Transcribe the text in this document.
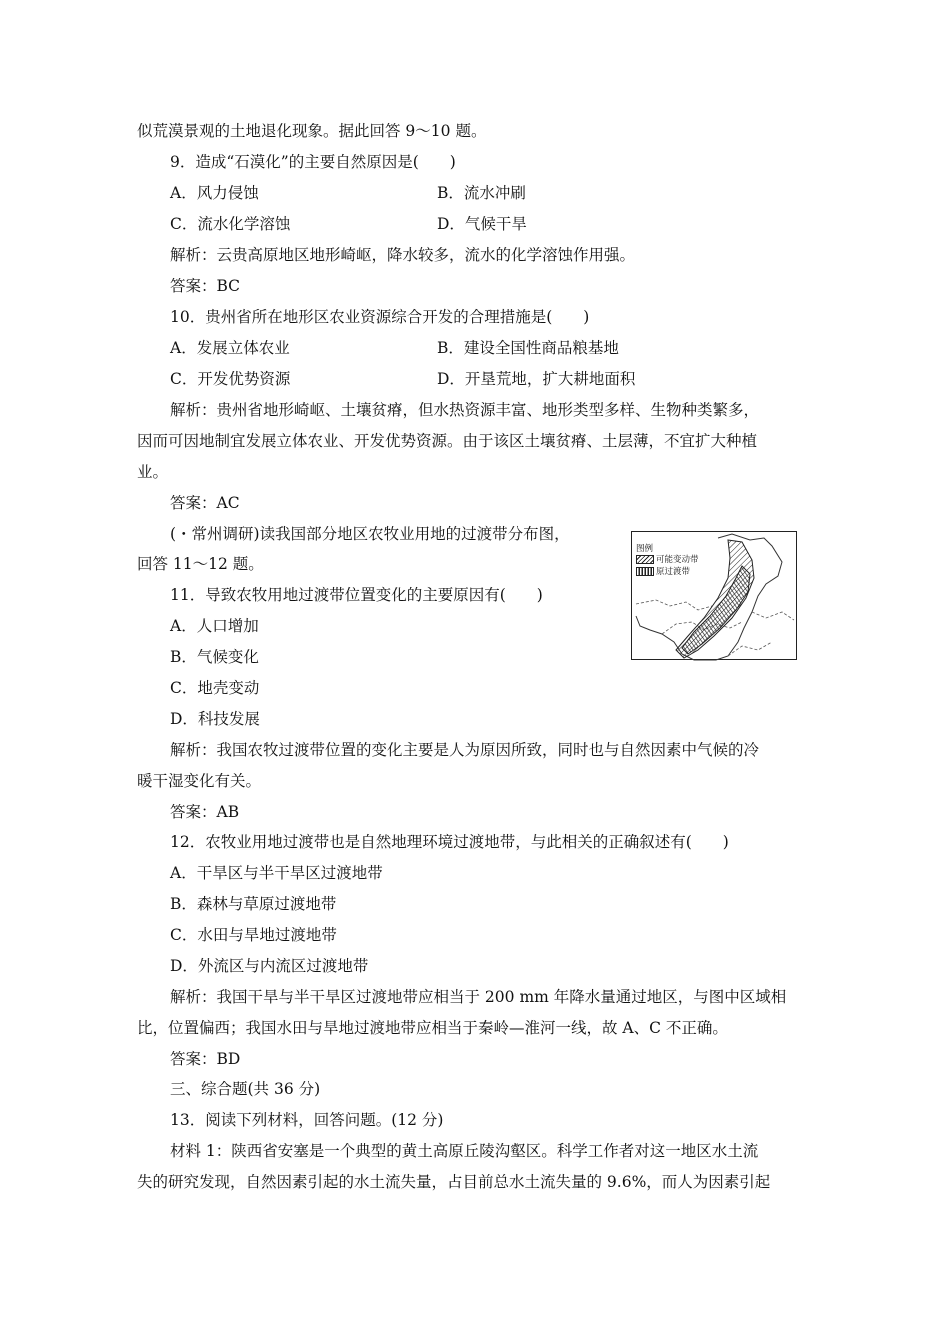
似荒漠景观的土地退化现象。据此回答 9～10 题。
9．造成“石漠化”的主要自然原因是(　　)
A．风力侵蚀	B．流水冲刷
C．流水化学溶蚀	D．气候干旱
解析：云贵高原地区地形崎岖，降水较多，流水的化学溶蚀作用强。
答案：BC
10．贵州省所在地形区农业资源综合开发的合理措施是(　　)
A．发展立体农业	B．建设全国性商品粮基地
C．开发优势资源	D．开垦荒地，扩大耕地面积
解析：贵州省地形崎岖、土壤贫瘠，但水热资源丰富、地形类型多样、生物种类繁多，
因而可因地制宜发展立体农业、开发优势资源。由于该区土壤贫瘠、土层薄，不宜扩大种植
业。
答案：AC
(・常州调研)读我国部分地区农牧业用地的过渡带分布图，
回答 11～12 题。
图例
可能变动带
原过渡带
11．导致农牧用地过渡带位置变化的主要原因有(　　)
A．人口增加
B．气候变化
C．地壳变动
D．科技发展
解析：我国农牧过渡带位置的变化主要是人为原因所致，同时也与自然因素中气候的冷
暖干湿变化有关。
答案：AB
12．农牧业用地过渡带也是自然地理环境过渡地带，与此相关的正确叙述有(　　)
A．干旱区与半干旱区过渡地带
B．森林与草原过渡地带
C．水田与旱地过渡地带
D．外流区与内流区过渡地带
解析：我国干旱与半干旱区过渡地带应相当于 200 mm 年降水量通过地区，与图中区域相
比，位置偏西；我国水田与旱地过渡地带应相当于秦岭—淮河一线，故 A、C 不正确。
答案：BD
三、综合题(共 36 分)
13．阅读下列材料，回答问题。(12 分)
材料 1：陕西省安塞是一个典型的黄土高原丘陵沟壑区。科学工作者对这一地区水土流
失的研究发现，自然因素引起的水土流失量，占目前总水土流失量的 9.6%，而人为因素引起
